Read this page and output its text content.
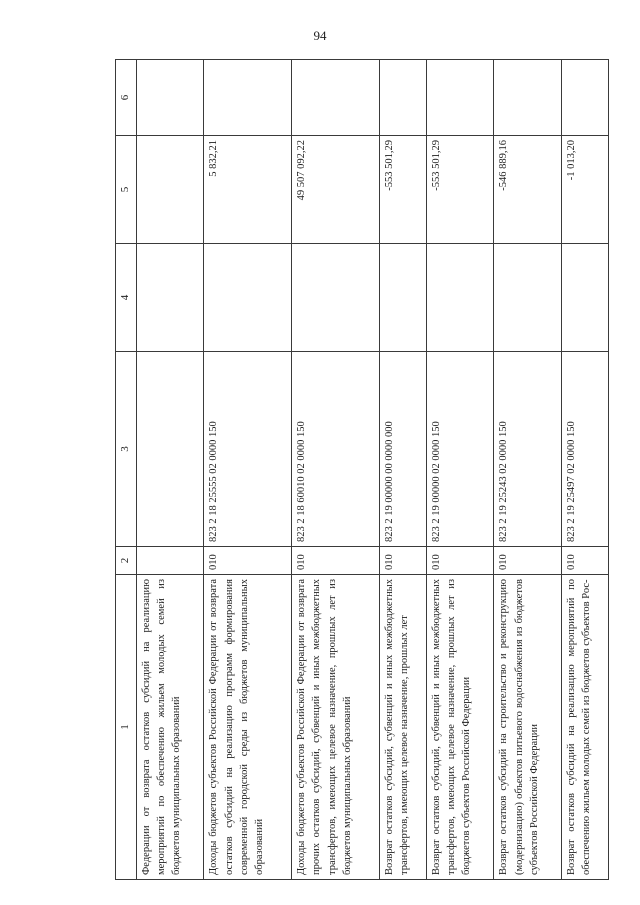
94
1	2	3	4	5	6
Федерации от возврата остатков субсидий на реализацию мероприятий по обеспечению жильем молодых семей из бюджетов муниципальных образований					
Доходы бюджетов субъектов Российской Федерации от возврата остатков субсидий на реализацию программ формирования современной городской среды из бюджетов муниципальных образований	010	823 2 18 25555 02 0000 150		5 832,21	
Доходы бюджетов субъектов Российской Федерации от возврата прочих остатков субсидий, субвенций и иных межбюджетных трансфертов, имеющих целевое назначение, прошлых лет из бюджетов муниципальных образований	010	823 2 18 60010 02 0000 150		49 507 092,22	
Возврат остатков субсидий, субвенций и иных межбюджетных трансфертов, имеющих целевое назначение, прошлых лет	010	823 2 19 00000 00 0000 000		-553 501,29	
Возврат остатков субсидий, субвенций и иных межбюджетных трансфертов, имеющих целевое назначение, прошлых лет из бюджетов субъектов Российской Федерации	010	823 2 19 00000 02 0000 150		-553 501,29	
Возврат остатков субсидий на строительство и реконструкцию (модернизацию) объектов питьевого водоснабжения из бюджетов субъектов Российской Федерации	010	823 2 19 25243 02 0000 150		-546 889,16	
Возврат остатков субсидий на реализацию мероприятий по обеспечению жильем молодых семей из бюджетов субъектов Рос-	010	823 2 19 25497 02 0000 150		-1 013,20	
